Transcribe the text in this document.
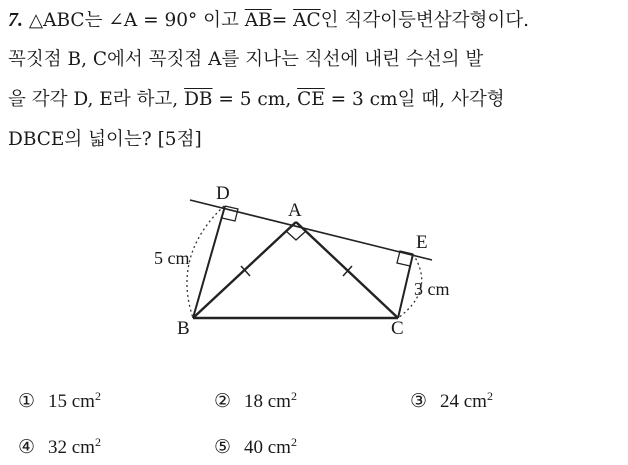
7. △ABC는 ∠A = 90° 이고 $\overline{AB}= \overline{AC}$인 직각이등변삼각형이다.
꼭짓점 B, C에서 꼭짓점 A를 지나는 직선에 내린 수선의 발
을 각각 D, E라 하고, $\overline{DB} = 5$ cm, $\overline{CE} = 3$ cm일 때, 사각형
DBCE의 넓이는? [5점]
D
A
E
B	C
5 cm
3 cm
① 15 $cm^2$	② 18 $cm^2$	③ 24 $cm^2$
④ 32 $cm^2$	⑤ 40 $cm^2$
